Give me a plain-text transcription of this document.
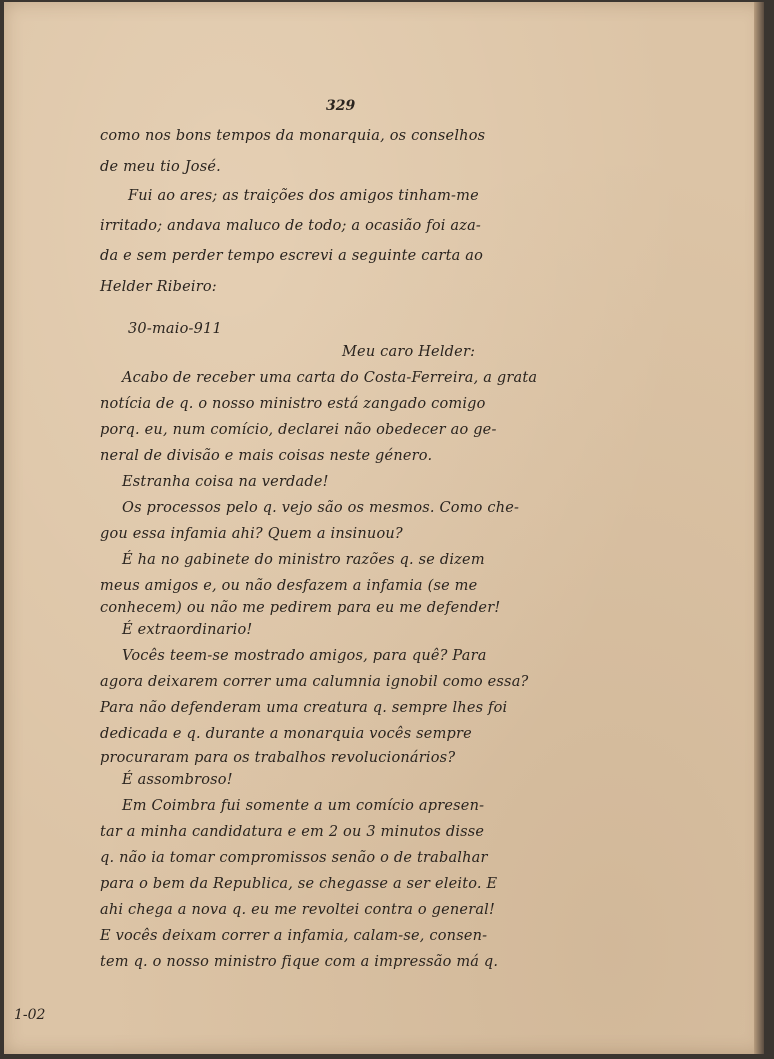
329
como nos bons tempos da monarquia, os conselhos
de meu tio José.
Fui ao ares; as traições dos amigos tinham-me
irritado; andava maluco de todo; a ocasião foi aza-
da e sem perder tempo escrevi a seguinte carta ao
Helder Ribeiro:
30-maio-911
Meu caro Helder:
Acabo de receber uma carta do Costa-Ferreira, a grata
notícia de q. o nosso ministro está zangado comigo
porq. eu, num comício, declarei não obedecer ao ge-
neral de divisão e mais coisas neste género.
Estranha coisa na verdade!
Os processos pelo q. vejo são os mesmos. Como che-
gou essa infamia ahi? Quem a insinuou?
É ha no gabinete do ministro razões q. se dizem
meus amigos e, ou não desfazem a infamia (se me
conhecem) ou não me pedirem para eu me defender!
É extraordinario!
Vocês teem-se mostrado amigos, para quê? Para
agora deixarem correr uma calumnia ignobil como essa?
Para não defenderam uma creatura q. sempre lhes foi
dedicada e q. durante a monarquia vocês sempre
procuraram para os trabalhos revolucionários?
É assombroso!
Em Coimbra fui somente a um comício apresen-
tar a minha candidatura e em 2 ou 3 minutos disse
q. não ia tomar compromissos senão o de trabalhar
para o bem da Republica, se chegasse a ser eleito. E
ahi chega a nova q. eu me revoltei contra o general!
E vocês deixam correr a infamia, calam-se, consen-
tem q. o nosso ministro fique com a impressão má q.
1-02
